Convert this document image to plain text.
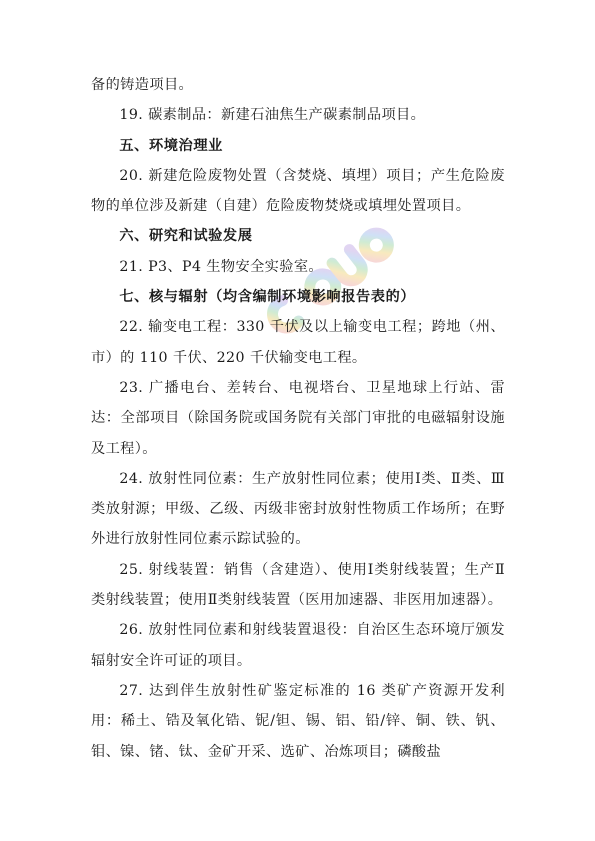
备的铸造项目。

19. 碳素制品：新建石油焦生产碳素制品项目。

五、环境治理业

20. 新建危险废物处置（含焚烧、填埋）项目；产生危险废物的单位涉及新建（自建）危险废物焚烧或填埋处置项目。

六、研究和试验发展

21. P3、P4 生物安全实验室。

七、核与辐射（均含编制环境影响报告表的）

22. 输变电工程：330 千伏及以上输变电工程；跨地（州、市）的 110 千伏、220 千伏输变电工程。

23. 广播电台、差转台、电视塔台、卫星地球上行站、雷达：全部项目（除国务院或国务院有关部门审批的电磁辐射设施及工程）。

24. 放射性同位素：生产放射性同位素；使用Ⅰ类、Ⅱ类、Ⅲ类放射源；甲级、乙级、丙级非密封放射性物质工作场所；在野外进行放射性同位素示踪试验的。

25. 射线装置：销售（含建造）、使用Ⅰ类射线装置；生产Ⅱ类射线装置；使用Ⅱ类射线装置（医用加速器、非医用加速器）。

26. 放射性同位素和射线装置退役：自治区生态环境厅颁发辐射安全许可证的项目。

27. 达到伴生放射性矿鉴定标准的 16 类矿产资源开发利用：稀土、锆及氧化锆、铌/钽、锡、铝、铅/锌、铜、铁、钒、钼、镍、锗、钛、金矿开采、选矿、冶炼项目；磷酸盐
